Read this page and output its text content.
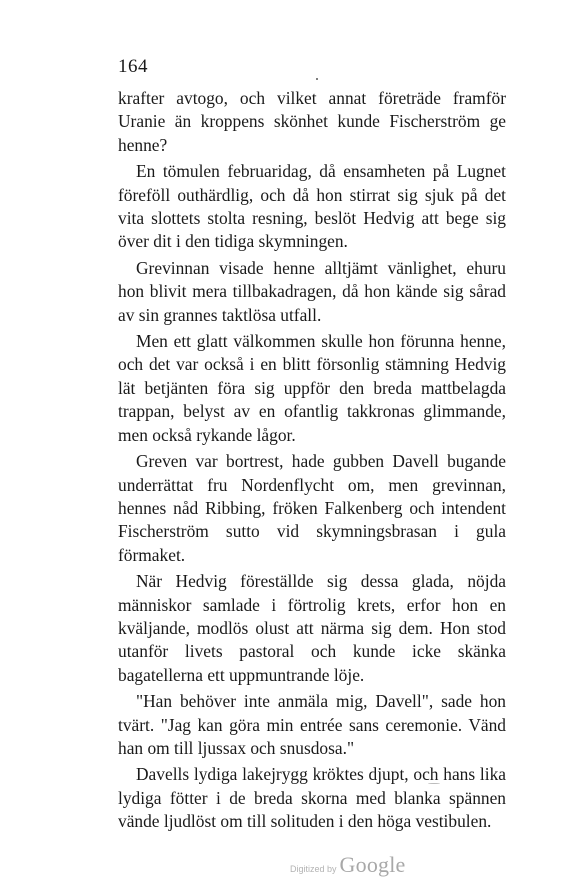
164

krafter avtogo, och vilket annat företräde framför Uranie än kroppens skönhet kunde Fischerström ge henne?

En tömulen februaridag, då ensamheten på Lugnet föreföll outhärdlig, och då hon stirrat sig sjuk på det vita slottets stolta resning, beslöt Hedvig att bege sig över dit i den tidiga skymningen.

Grevinnan visade henne alltjämt vänlighet, ehuru hon blivit mera tillbakadragen, då hon kände sig sårad av sin grannes taktlösa utfall.

Men ett glatt välkommen skulle hon förunna henne, och det var också i en blitt försonlig stämning Hedvig lät betjänten föra sig uppför den breda mattbelagda trappan, belyst av en ofantlig takkronas glimmande, men också rykande lågor.

Greven var bortrest, hade gubben Davell bugande underrättat fru Nordenflycht om, men grevinnan, hennes nåd Ribbing, fröken Falkenberg och intendent Fischerström sutto vid skymningsbrasan i gula förmaket.

När Hedvig föreställde sig dessa glada, nöjda människor samlade i förtrolig krets, erfor hon en kväljande, modlös olust att närma sig dem. Hon stod utanför livets pastoral och kunde icke skänka bagatellerna ett uppmuntrande löje.

"Han behöver inte anmäla mig, Davell", sade hon tvärt. "Jag kan göra min entrée sans ceremonie. Vänd han om till ljussax och snusdosa."

Davells lydiga lakejrygg kröktes djupt, och hans lika lydiga fötter i de breda skorna med blanka spännen vände ljudlöst om till solituden i den höga vestibulen.

Digitized by Google
